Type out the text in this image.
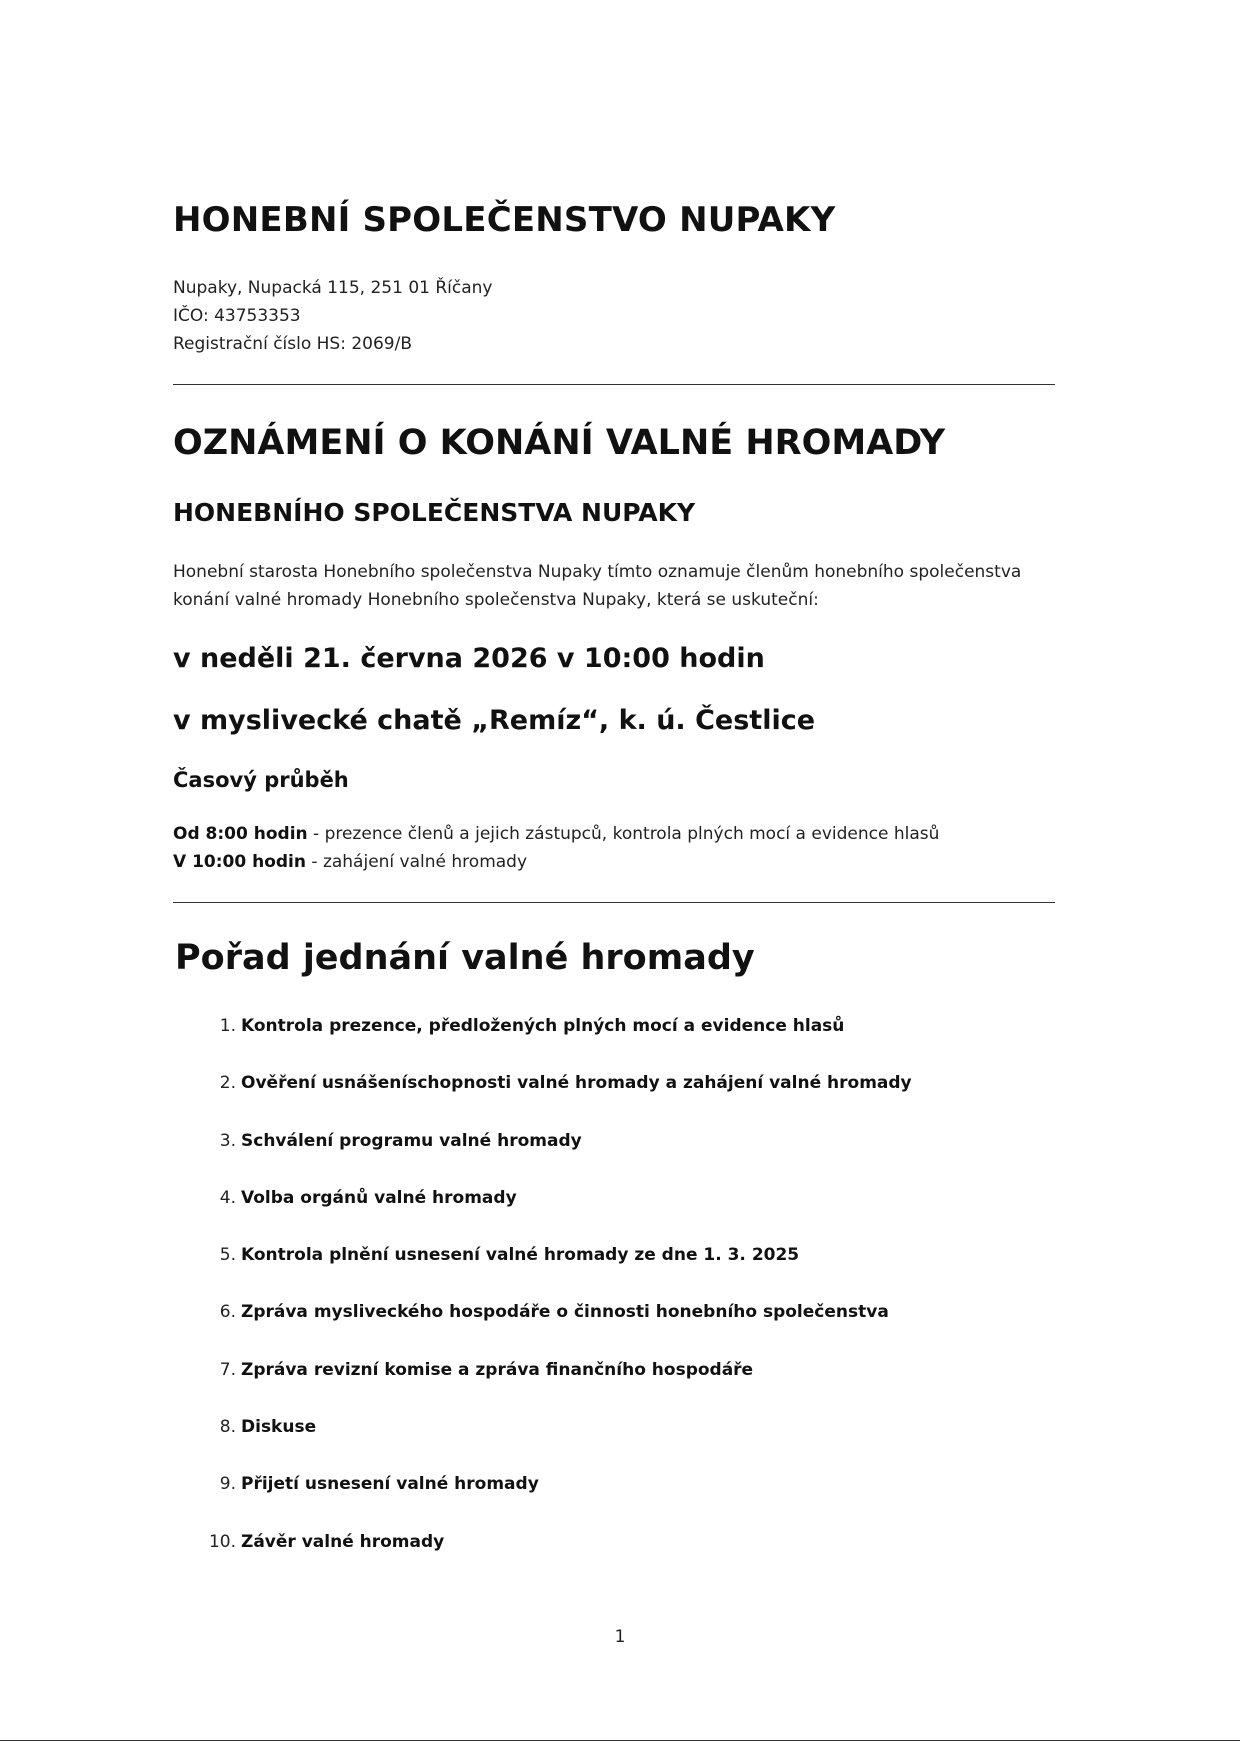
HONEBNÍ SPOLEČENSTVO NUPAKY
Nupaky, Nupacká 115, 251 01 Říčany
IČO: 43753353
Registrační číslo HS: 2069/B
OZNÁMENÍ O KONÁNÍ VALNÉ HROMADY
HONEBNÍHO SPOLEČENSTVA NUPAKY

Honební starosta Honebního společenstva Nupaky tímto oznamuje členům honebního společenstva konání valné hromady Honebního společenstva Nupaky, která se uskuteční:

v neděli 21. června 2026 v 10:00 hodin

v myslivecké chatě „Remíz“, k. ú. Čestlice

Časový průběh
Od 8:00 hodin - prezence členů a jejich zástupců, kontrola plných mocí a evidence hlasů
V 10:00 hodin - zahájení valné hromady
Pořad jednání valné hromady
1. Kontrola prezence, předložených plných mocí a evidence hlasů
2. Ověření usnášeníschopnosti valné hromady a zahájení valné hromady
3. Schválení programu valné hromady
4. Volba orgánů valné hromady
5. Kontrola plnění usnesení valné hromady ze dne 1. 3. 2025
6. Zpráva mysliveckého hospodáře o činnosti honebního společenstva
7. Zpráva revizní komise a zpráva finančního hospodáře
8. Diskuse
9. Přijetí usnesení valné hromady
10. Závěr valné hromady
1
